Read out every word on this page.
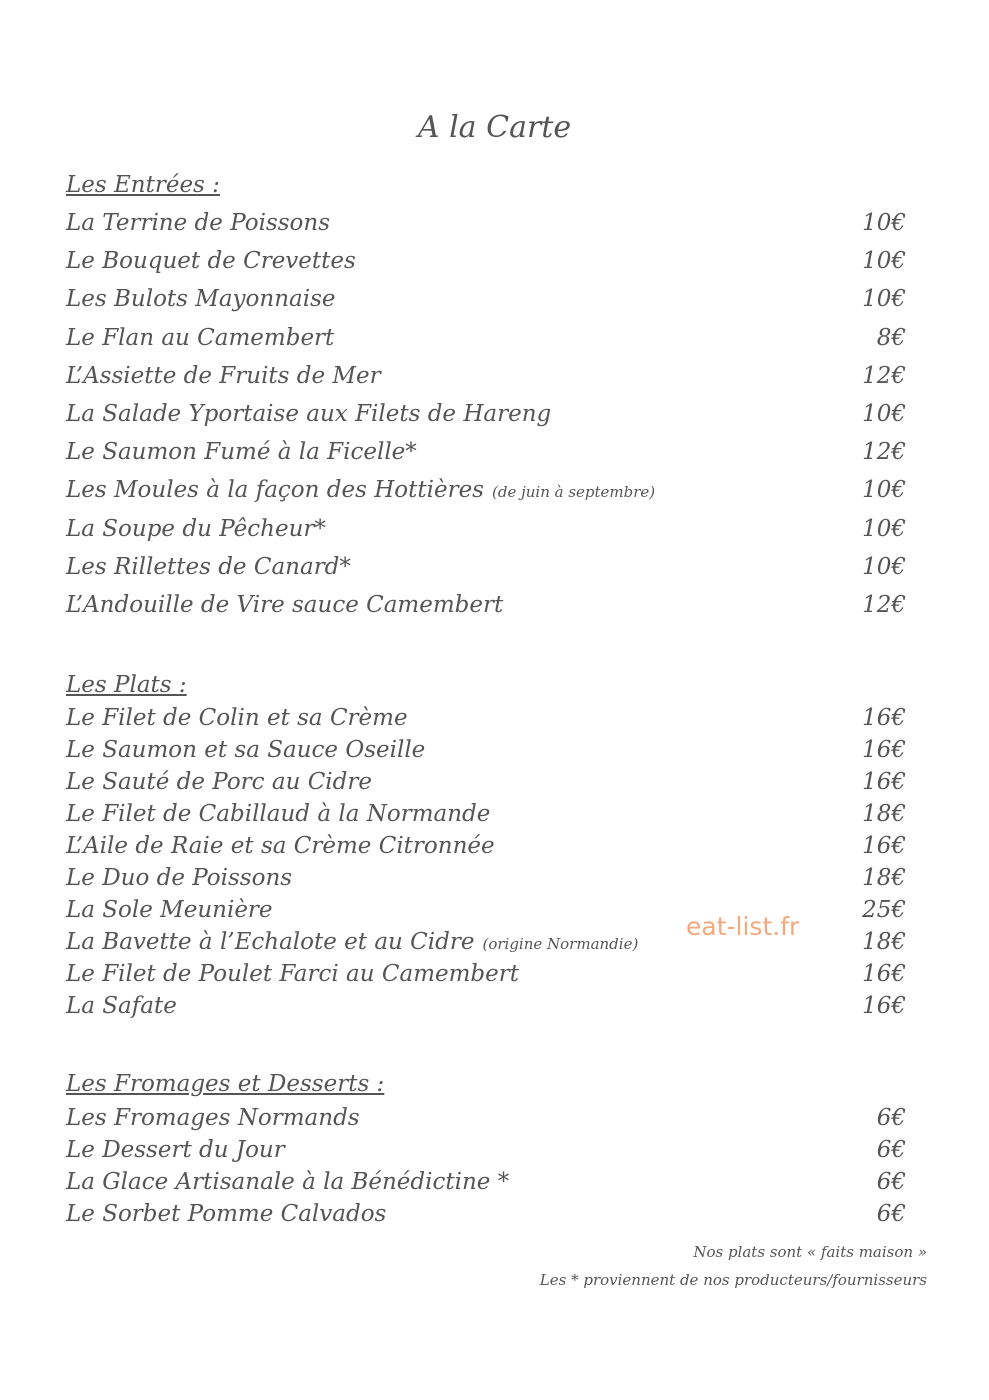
A la Carte
Les Entrées :
La Terrine de Poissons	10€
Le Bouquet de Crevettes	10€
Les Bulots Mayonnaise	10€
Le Flan au Camembert	8€
L’Assiette de Fruits de Mer	12€
La Salade Yportaise aux Filets de Hareng	10€
Le Saumon Fumé à la Ficelle*	12€
Les Moules à la façon des Hottières (de juin à septembre)	10€
La Soupe du Pêcheur*	10€
Les Rillettes de Canard*	10€
L’Andouille de Vire sauce Camembert	12€
Les Plats :
Le Filet de Colin et sa Crème	16€
Le Saumon et sa Sauce Oseille	16€
Le Sauté de Porc au Cidre	16€
Le Filet de Cabillaud à la Normande	18€
L’Aile de Raie et sa Crème Citronnée	16€
Le Duo de Poissons	18€
La Sole Meunière	25€
La Bavette à l’Echalote et au Cidre (origine Normandie)	18€
Le Filet de Poulet Farci au Camembert	16€
La Safate	16€
Les Fromages et Desserts :
Les Fromages Normands	6€
Le Dessert du Jour	6€
La Glace Artisanale à la Bénédictine *	6€
Le Sorbet Pomme Calvados	6€
Nos plats sont « faits maison »
Les * proviennent de nos producteurs/fournisseurs
eat-list.fr
